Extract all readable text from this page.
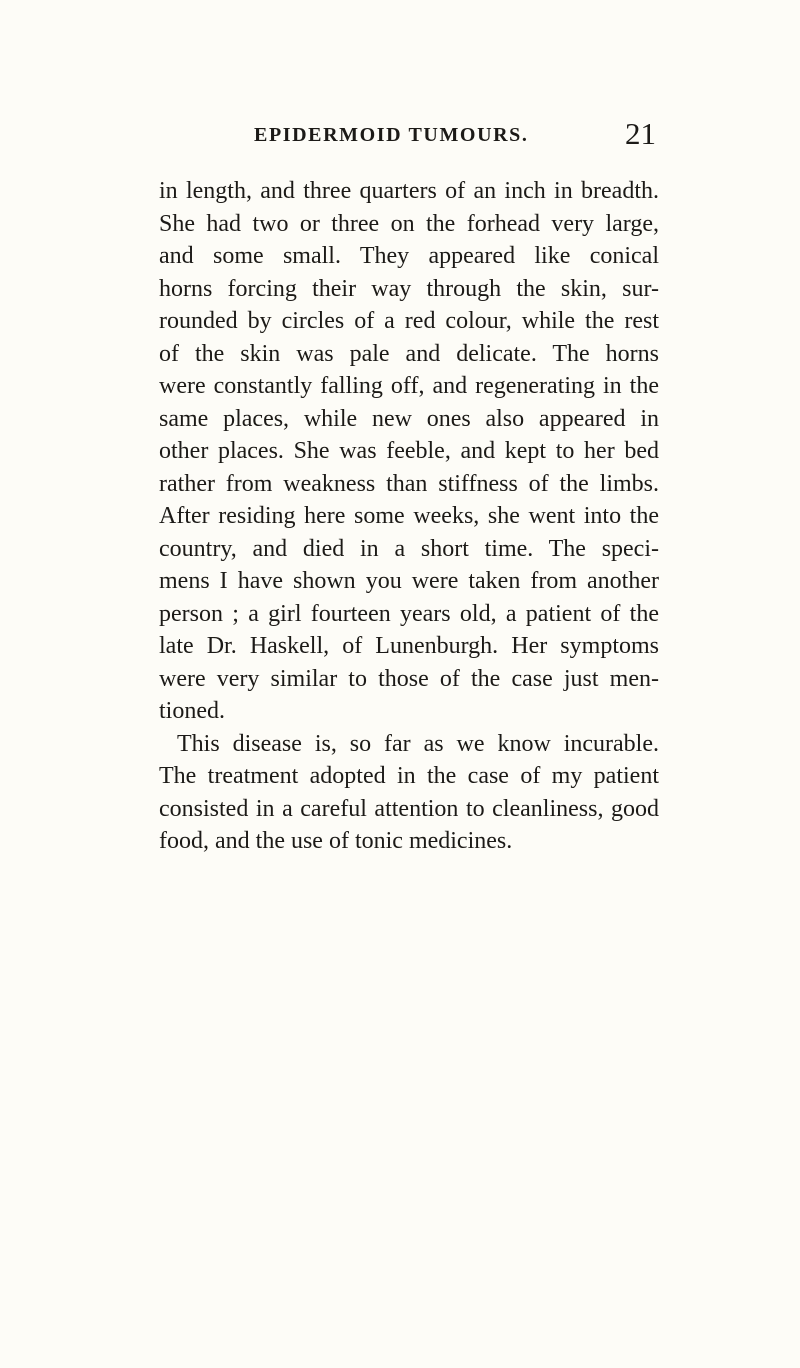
EPIDERMOID TUMOURS.	21
in length, and three quarters of an inch in breadth.
She had two or three on the forhead very large,
and some small. They appeared like conical
horns forcing their way through the skin, sur-
rounded by circles of a red colour, while the rest
of the skin was pale and delicate. The horns
were constantly falling off, and regenerating in the
same places, while new ones also appeared in
other places. She was feeble, and kept to her bed
rather from weakness than stiffness of the limbs.
After residing here some weeks, she went into the
country, and died in a short time. The speci-
mens I have shown you were taken from another
person ; a girl fourteen years old, a patient of the
late Dr. Haskell, of Lunenburgh. Her symptoms
were very similar to those of the case just men-
tioned.
This disease is, so far as we know incurable.
The treatment adopted in the case of my patient
consisted in a careful attention to cleanliness, good
food, and the use of tonic medicines.
